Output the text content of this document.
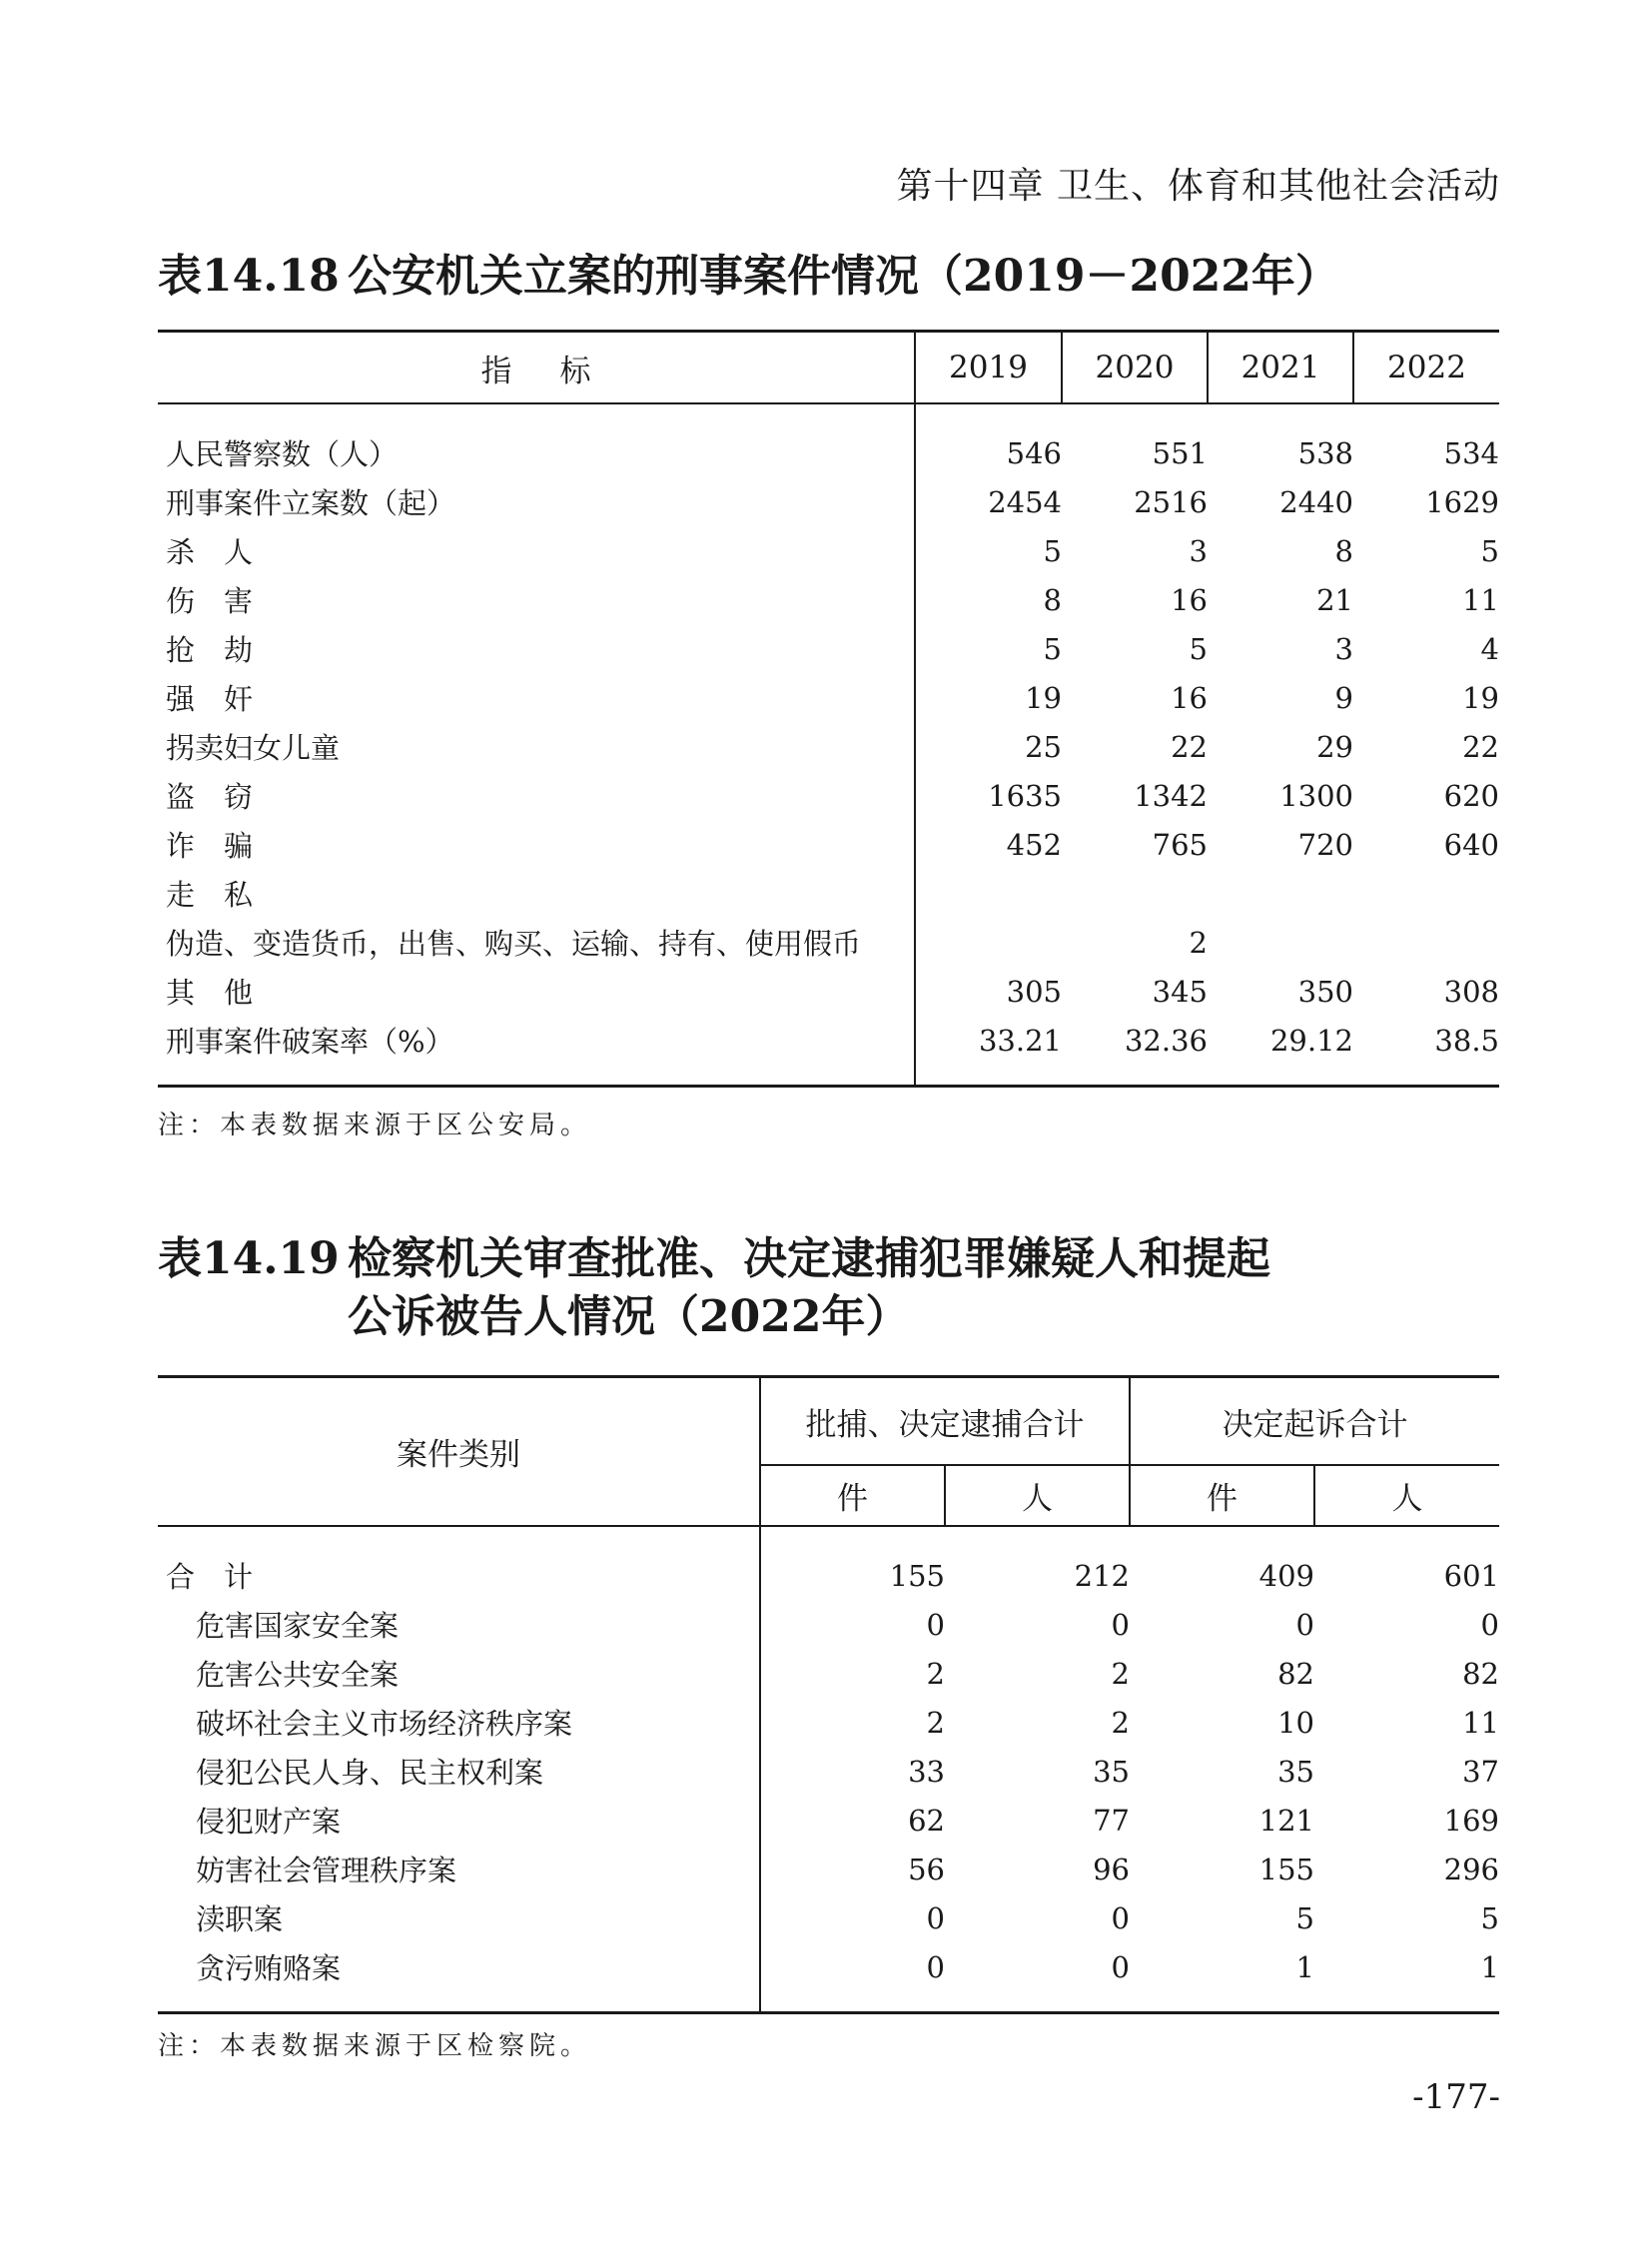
第十四章 卫生、体育和其他社会活动
表14.18 公安机关立案的刑事案件情况（2019－2022年）
指标	2019	2020	2021	2022
人民警察数（人）	546	551	538	534
刑事案件立案数（起）	2454	2516	2440	1629
杀　人	5	3	8	5
伤　害	8	16	21	11
抢　劫	5	5	3	4
强　奸	19	16	9	19
拐卖妇女儿童	25	22	29	22
盗　窃	1635	1342	1300	620
诈　骗	452	765	720	640
走　私				
伪造、变造货币，出售、购买、运输、持有、使用假币		2		
其　他	305	345	350	308
刑事案件破案率（%）	33.21	32.36	29.12	38.5
注：本表数据来源于区公安局。
表14.19 检察机关审查批准、决定逮捕犯罪嫌疑人和提起
公诉被告人情况（2022年）
案件类别	批捕、决定逮捕合计		决定起诉合计	
	件	人	件	人
合　计	155	212	409	601
危害国家安全案	0	0	0	0
危害公共安全案	2	2	82	82
破坏社会主义市场经济秩序案	2	2	10	11
侵犯公民人身、民主权利案	33	35	35	37
侵犯财产案	62	77	121	169
妨害社会管理秩序案	56	96	155	296
渎职案	0	0	5	5
贪污贿赂案	0	0	1	1
注：本表数据来源于区检察院。
-177-
